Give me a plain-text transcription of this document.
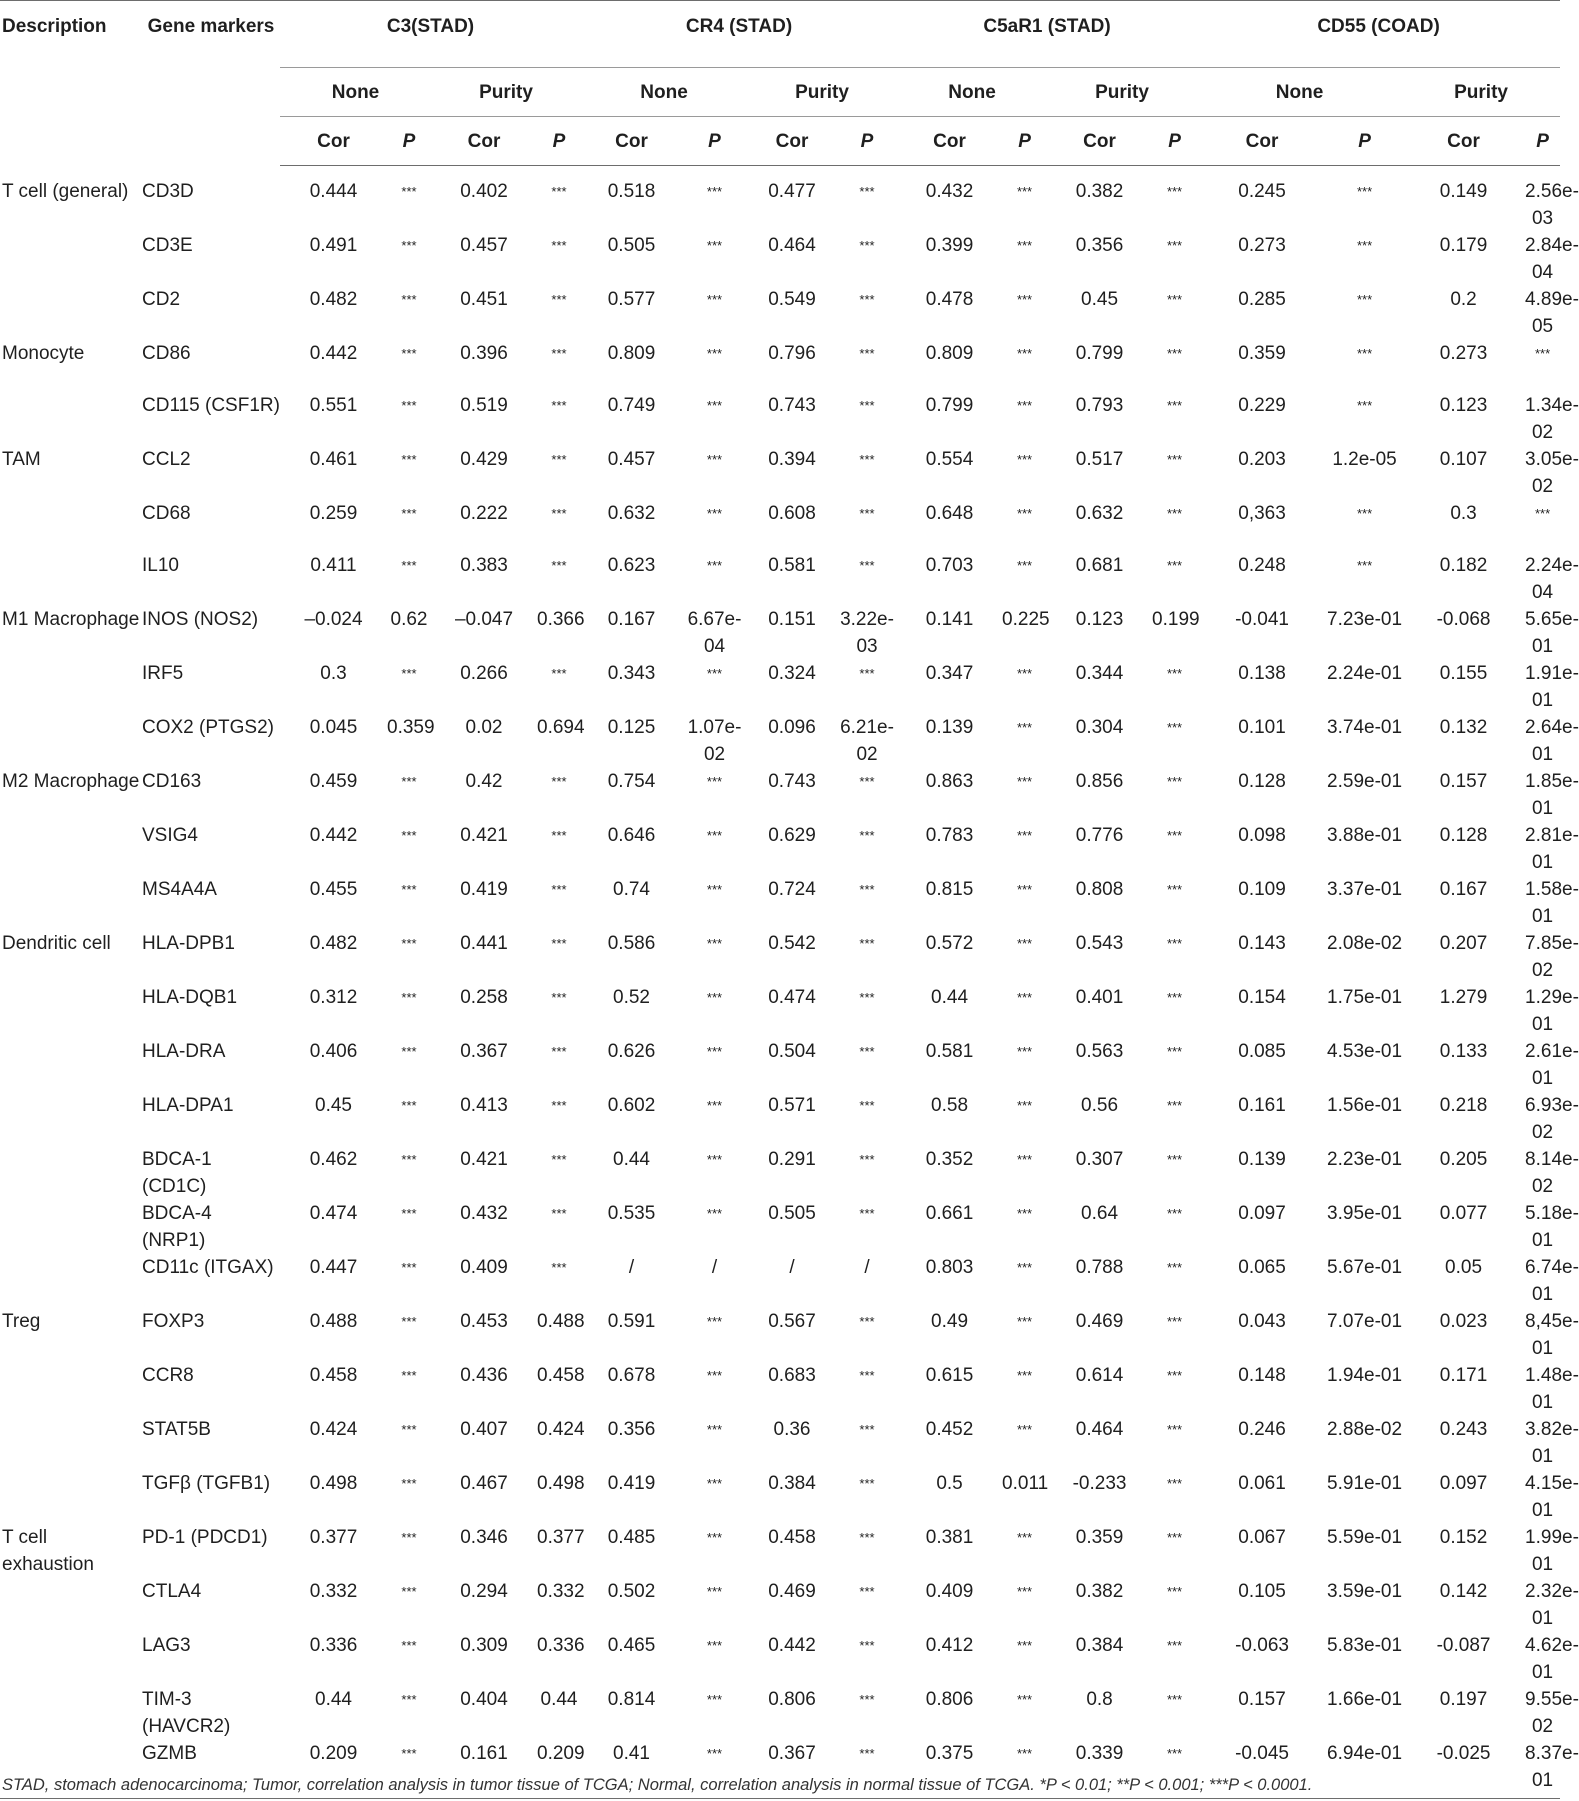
Description	Gene markers	C3(STAD)				CR4 (STAD)				C5aR1 (STAD)				CD55 (COAD)			

		None		Purity		None		Purity		None		Purity		None		Purity	
		Cor	P	Cor	P	Cor	P	Cor	P	Cor	P	Cor	P	Cor	P	Cor	P
T cell (general)	CD3D	0.444	***	0.402	***	0.518	***	0.477	***	0.432	***	0.382	***	0.245	***	0.149	2.56e-03
	CD3E	0.491	***	0.457	***	0.505	***	0.464	***	0.399	***	0.356	***	0.273	***	0.179	2.84e-04
	CD2	0.482	***	0.451	***	0.577	***	0.549	***	0.478	***	0.45	***	0.285	***	0.2	4.89e-05
Monocyte	CD86	0.442	***	0.396	***	0.809	***	0.796	***	0.809	***	0.799	***	0.359	***	0.273	***
	CD115 (CSF1R)	0.551	***	0.519	***	0.749	***	0.743	***	0.799	***	0.793	***	0.229	***	0.123	1.34e-02
TAM	CCL2	0.461	***	0.429	***	0.457	***	0.394	***	0.554	***	0.517	***	0.203	1.2e-05	0.107	3.05e-02
	CD68	0.259	***	0.222	***	0.632	***	0.608	***	0.648	***	0.632	***	0,363	***	0.3	***
	IL10	0.411	***	0.383	***	0.623	***	0.581	***	0.703	***	0.681	***	0.248	***	0.182	2.24e-04
M1 Macrophage	INOS (NOS2)	–0.024	0.62	–0.047	0.366	0.167	6.67e-04	0.151	3.22e-03	0.141	0.225	0.123	0.199	-0.041	7.23e-01	-0.068	5.65e-01
	IRF5	0.3	***	0.266	***	0.343	***	0.324	***	0.347	***	0.344	***	0.138	2.24e-01	0.155	1.91e-01
	COX2 (PTGS2)	0.045	0.359	0.02	0.694	0.125	1.07e-02	0.096	6.21e-02	0.139	***	0.304	***	0.101	3.74e-01	0.132	2.64e-01
M2 Macrophage	CD163	0.459	***	0.42	***	0.754	***	0.743	***	0.863	***	0.856	***	0.128	2.59e-01	0.157	1.85e-01
	VSIG4	0.442	***	0.421	***	0.646	***	0.629	***	0.783	***	0.776	***	0.098	3.88e-01	0.128	2.81e-01
	MS4A4A	0.455	***	0.419	***	0.74	***	0.724	***	0.815	***	0.808	***	0.109	3.37e-01	0.167	1.58e-01
Dendritic cell	HLA-DPB1	0.482	***	0.441	***	0.586	***	0.542	***	0.572	***	0.543	***	0.143	2.08e-02	0.207	7.85e-02
	HLA-DQB1	0.312	***	0.258	***	0.52	***	0.474	***	0.44	***	0.401	***	0.154	1.75e-01	1.279	1.29e-01
	HLA-DRA	0.406	***	0.367	***	0.626	***	0.504	***	0.581	***	0.563	***	0.085	4.53e-01	0.133	2.61e-01
	HLA-DPA1	0.45	***	0.413	***	0.602	***	0.571	***	0.58	***	0.56	***	0.161	1.56e-01	0.218	6.93e-02
	BDCA-1 (CD1C)	0.462	***	0.421	***	0.44	***	0.291	***	0.352	***	0.307	***	0.139	2.23e-01	0.205	8.14e-02
	BDCA-4 (NRP1)	0.474	***	0.432	***	0.535	***	0.505	***	0.661	***	0.64	***	0.097	3.95e-01	0.077	5.18e-01
	CD11c (ITGAX)	0.447	***	0.409	***	/	/	/	/	0.803	***	0.788	***	0.065	5.67e-01	0.05	6.74e-01
Treg	FOXP3	0.488	***	0.453	0.488	0.591	***	0.567	***	0.49	***	0.469	***	0.043	7.07e-01	0.023	8,45e-01
	CCR8	0.458	***	0.436	0.458	0.678	***	0.683	***	0.615	***	0.614	***	0.148	1.94e-01	0.171	1.48e-01
	STAT5B	0.424	***	0.407	0.424	0.356	***	0.36	***	0.452	***	0.464	***	0.246	2.88e-02	0.243	3.82e-01
	TGFβ (TGFB1)	0.498	***	0.467	0.498	0.419	***	0.384	***	0.5	0.011	-0.233	***	0.061	5.91e-01	0.097	4.15e-01
T cell exhaustion	PD-1 (PDCD1)	0.377	***	0.346	0.377	0.485	***	0.458	***	0.381	***	0.359	***	0.067	5.59e-01	0.152	1.99e-01
	CTLA4	0.332	***	0.294	0.332	0.502	***	0.469	***	0.409	***	0.382	***	0.105	3.59e-01	0.142	2.32e-01
	LAG3	0.336	***	0.309	0.336	0.465	***	0.442	***	0.412	***	0.384	***	-0.063	5.83e-01	-0.087	4.62e-01
	TIM-3 (HAVCR2)	0.44	***	0.404	0.44	0.814	***	0.806	***	0.806	***	0.8	***	0.157	1.66e-01	0.197	9.55e-02
	GZMB	0.209	***	0.161	0.209	0.41	***	0.367	***	0.375	***	0.339	***	-0.045	6.94e-01	-0.025	8.37e-01
STAD, stomach adenocarcinoma; Tumor, correlation analysis in tumor tissue of TCGA; Normal, correlation analysis in normal tissue of TCGA. *P < 0.01; **P < 0.001; ***P < 0.0001.
